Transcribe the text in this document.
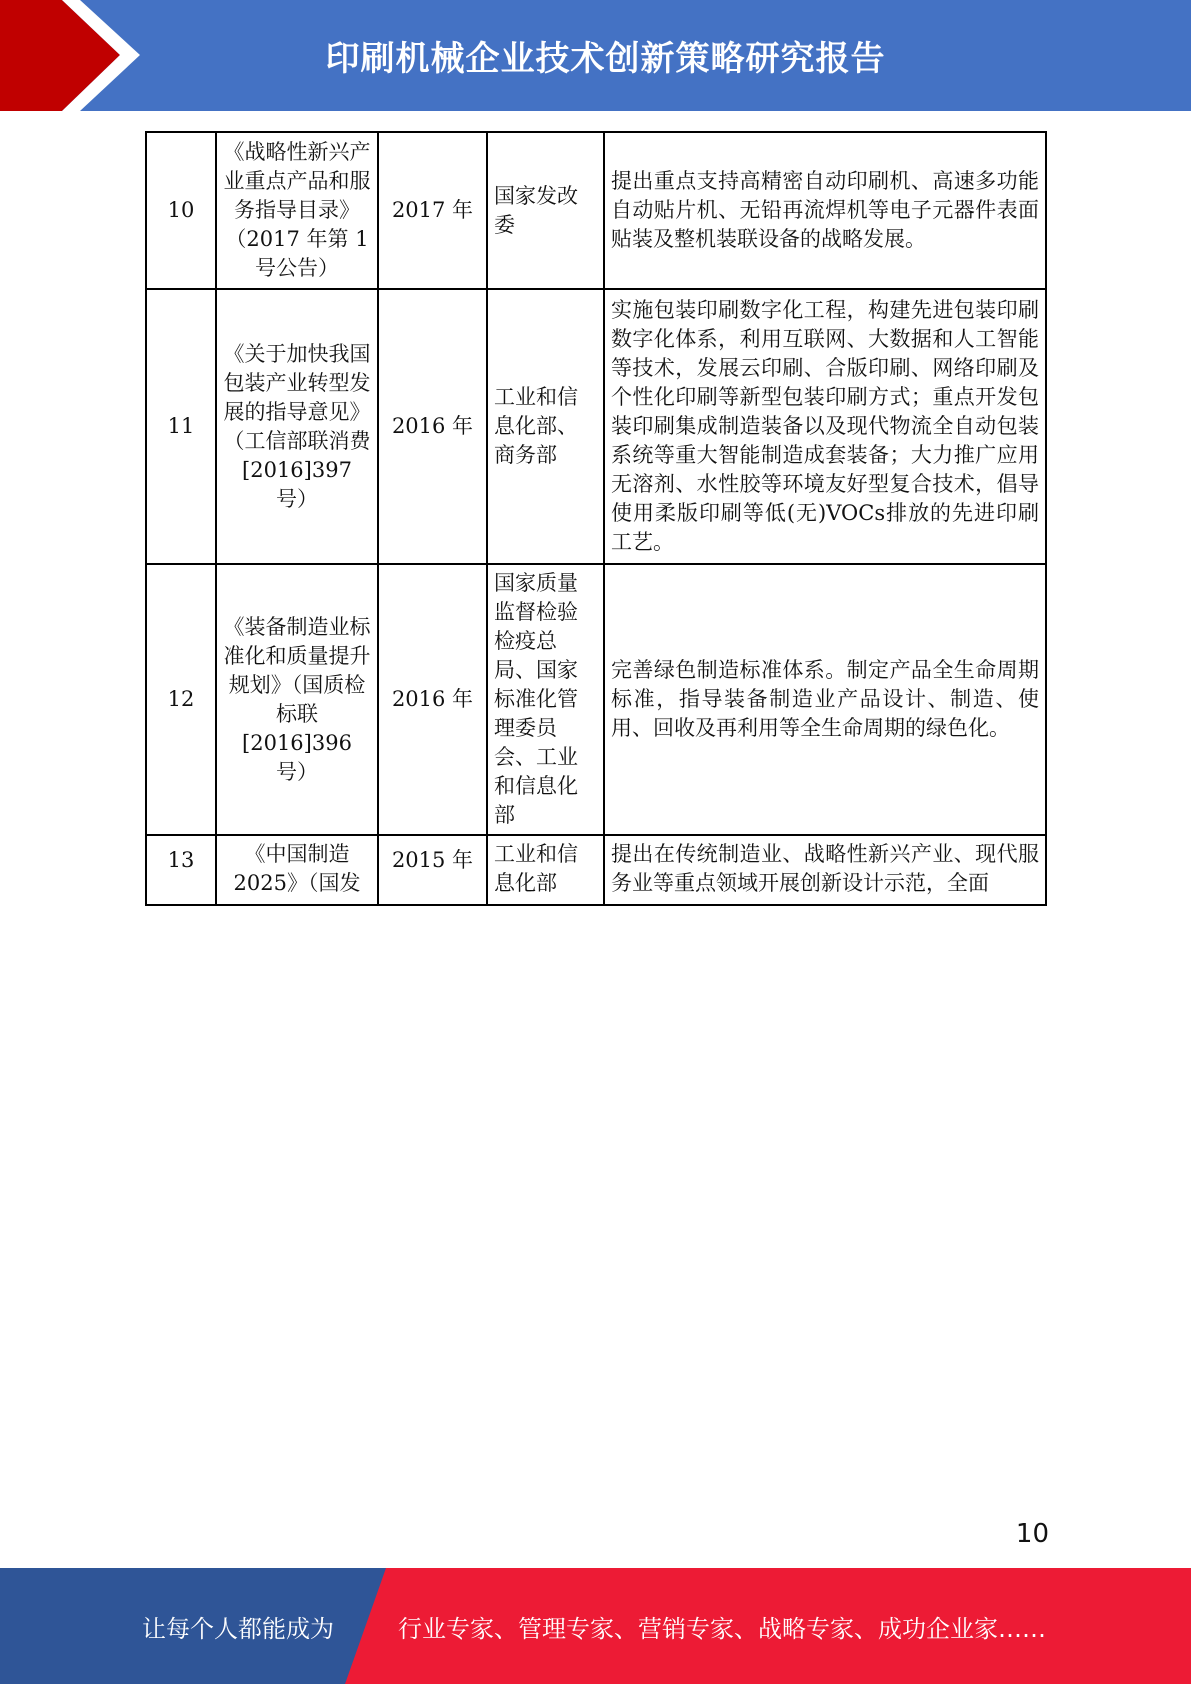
印刷机械企业技术创新策略研究报告
10	《战略性新兴产业重点产品和服务指导目录》（2017 年第 1 号公告）	2017 年	国家发改委	提出重点支持高精密自动印刷机、高速多功能自动贴片机、无铅再流焊机等电子元器件表面贴装及整机装联设备的战略发展。
11	《关于加快我国包装产业转型发展的指导意见》（工信部联消费[2016]397 号）	2016 年	工业和信息化部、商务部	实施包装印刷数字化工程，构建先进包装印刷数字化体系，利用互联网、大数据和人工智能等技术，发展云印刷、合版印刷、网络印刷及个性化印刷等新型包装印刷方式；重点开发包装印刷集成制造装备以及现代物流全自动包装系统等重大智能制造成套装备；大力推广应用无溶剂、水性胶等环境友好型复合技术，倡导使用柔版印刷等低(无)VOCs排放的先进印刷工艺。
12	《装备制造业标准化和质量提升规划》（国质检标联[2016]396 号）	2016 年	国家质量监督检验检疫总局、国家标准化管理委员会、工业和信息化部	完善绿色制造标准体系。制定产品全生命周期标准，指导装备制造业产品设计、制造、使用、回收及再利用等全生命周期的绿色化。
13	《中国制造2025》（国发	2015 年	工业和信息化部	提出在传统制造业、战略性新兴产业、现代服务业等重点领域开展创新设计示范，全面
10
让每个人都能成为	行业专家、管理专家、营销专家、战略专家、成功企业家……
